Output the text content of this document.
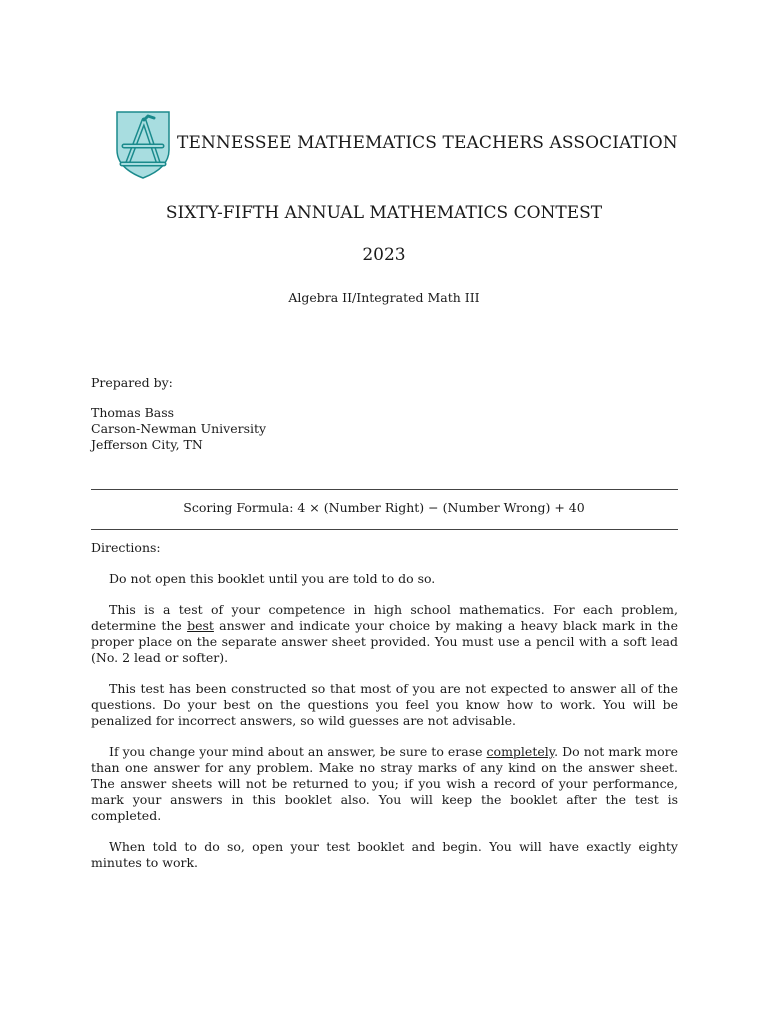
TENNESSEE MATHEMATICS TEACHERS ASSOCIATION
SIXTY-FIFTH ANNUAL MATHEMATICS CONTEST
2023
Algebra II/Integrated Math III
Prepared by:
Thomas Bass
Carson-Newman University
Jefferson City, TN
Scoring Formula: 4 × (Number Right) − (Number Wrong) + 40
Directions:

Do not open this booklet until you are told to do so.

This is a test of your competence in high school mathematics. For each problem, determine the best answer and indicate your choice by making a heavy black mark in the proper place on the separate answer sheet provided. You must use a pencil with a soft lead (No. 2 lead or softer).

This test has been constructed so that most of you are not expected to answer all of the questions. Do your best on the questions you feel you know how to work. You will be penalized for incorrect answers, so wild guesses are not advisable.

If you change your mind about an answer, be sure to erase completely. Do not mark more than one answer for any problem. Make no stray marks of any kind on the answer sheet. The answer sheets will not be returned to you; if you wish a record of your performance, mark your answers in this booklet also. You will keep the booklet after the test is completed.

When told to do so, open your test booklet and begin. You will have exactly eighty minutes to work.
